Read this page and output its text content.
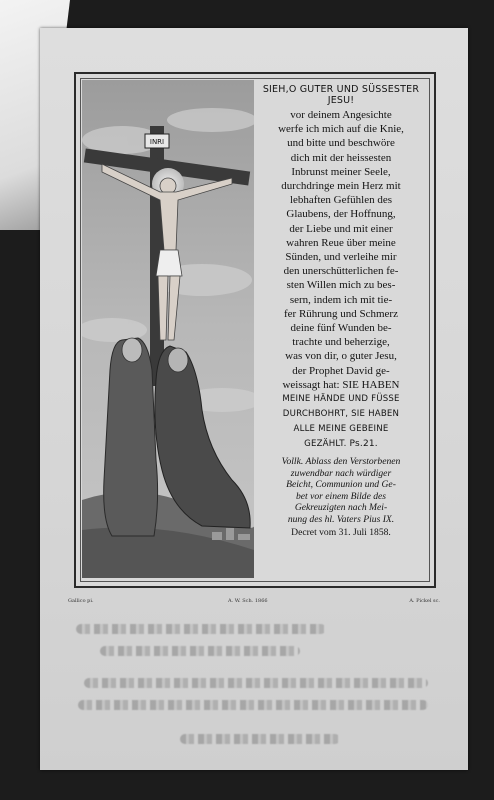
INRI

SIEH,O GUTER UND SÜSSESTER JESU!

vor deinem Angesichte
werfe ich mich auf die Knie,
und bitte und beschwöre
dich mit der heissesten
Inbrunst meiner Seele,
durchdringe mein Herz mit
lebhaften Gefühlen des
Glaubens, der Hoffnung,
der Liebe und mit einer
wahren Reue über meine
Sünden, und verleihe mir
den unerschütterlichen fe-
sten Willen mich zu bes-
sern, indem ich mit tie-
fer Rührung und Schmerz
deine fünf Wunden be-
trachte und beherzige,
was von dir, o guter Jesu,
der Prophet David ge-
weissagt hat: SIE HABEN

MEINE HÄNDE UND FÜSSE
DURCHBOHRT, SIE HABEN
ALLE MEINE GEBEINE
GEZÄHLT. Ps.21.

Vollk. Ablass den Verstorbenen
zuwendbar nach würdiger
Beicht, Communion und Ge-
bet vor einem Bilde des
Gekreuzigten nach Mei-
nung des hl. Vaters Pius IX.

Decret vom 31. Juli 1858.

Gallico pi.	A. W. Sch. 1866	A. Pickel sc.
